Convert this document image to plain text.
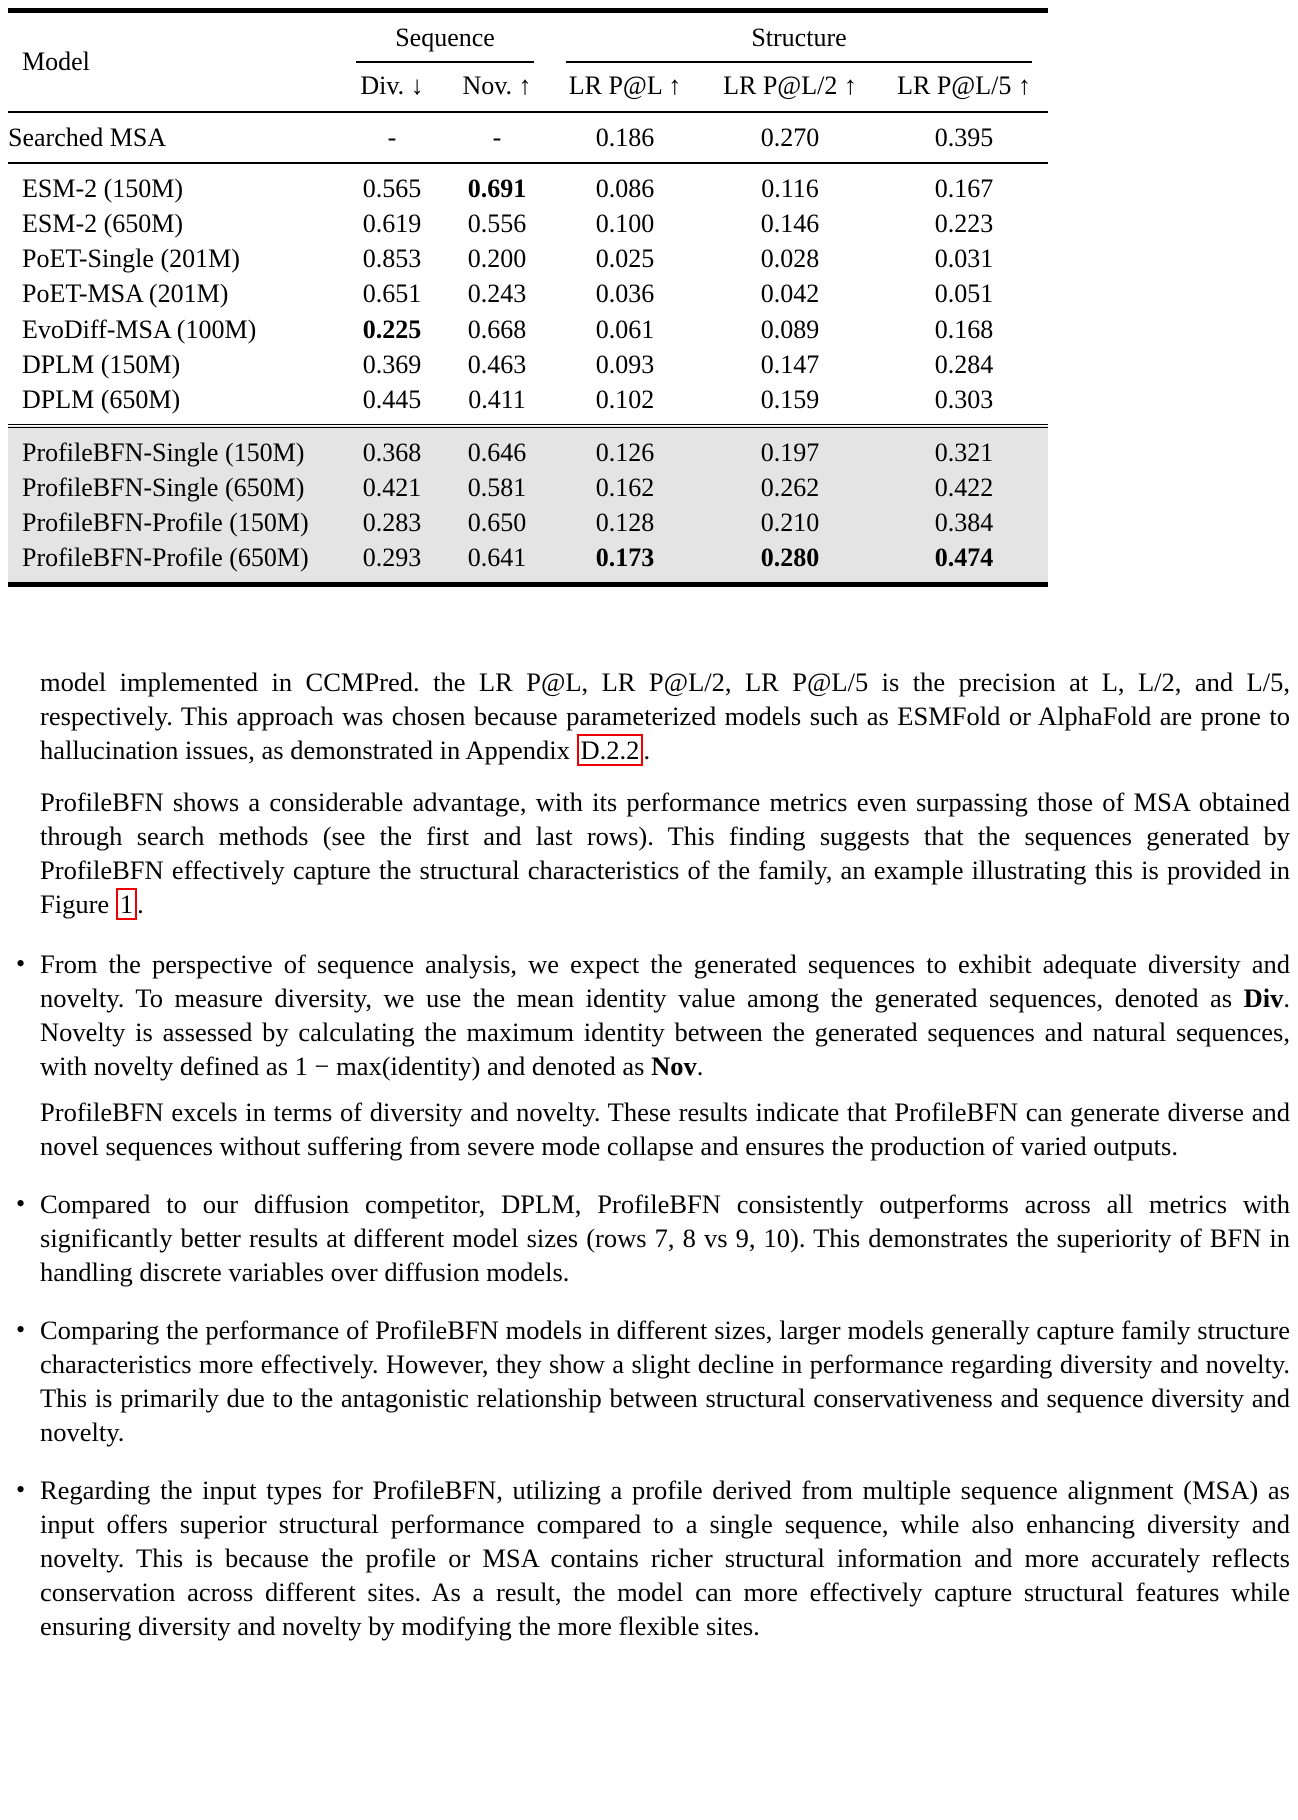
Model	Sequence		Structure		

	Div. ↓	Nov. ↑	LR P@L ↑	LR P@L/2 ↑	LR P@L/5 ↑
Searched MSA	-	-	0.186	0.270	0.395
ESM-2 (150M)	0.565	0.691	0.086	0.116	0.167
ESM-2 (650M)	0.619	0.556	0.100	0.146	0.223
PoET-Single (201M)	0.853	0.200	0.025	0.028	0.031
PoET-MSA (201M)	0.651	0.243	0.036	0.042	0.051
EvoDiff-MSA (100M)	0.225	0.668	0.061	0.089	0.168
DPLM (150M)	0.369	0.463	0.093	0.147	0.284
DPLM (650M)	0.445	0.411	0.102	0.159	0.303
ProfileBFN-Single (150M)	0.368	0.646	0.126	0.197	0.321
ProfileBFN-Single (650M)	0.421	0.581	0.162	0.262	0.422
ProfileBFN-Profile (150M)	0.283	0.650	0.128	0.210	0.384
ProfileBFN-Profile (650M)	0.293	0.641	0.173	0.280	0.474

model implemented in CCMPred. the LR P@L, LR P@L/2, LR P@L/5 is the precision at L, L/2, and L/5, respectively. This approach was chosen because parameterized models such as ESMFold or AlphaFold are prone to hallucination issues, as demonstrated in Appendix D.2.2 .

ProfileBFN shows a considerable advantage, with its performance metrics even surpassing those of MSA obtained through search methods (see the first and last rows). This finding suggests that the sequences generated by ProfileBFN effectively capture the structural characteristics of the family, an example illustrating this is provided in Figure 1 .

• From the perspective of sequence analysis, we expect the generated sequences to exhibit adequate diversity and novelty. To measure diversity, we use the mean identity value among the generated sequences, denoted as Div. Novelty is assessed by calculating the maximum identity between the generated sequences and natural sequences, with novelty defined as 1 − max(identity) and denoted as Nov.

ProfileBFN excels in terms of diversity and novelty. These results indicate that ProfileBFN can generate diverse and novel sequences without suffering from severe mode collapse and ensures the production of varied outputs.

• Compared to our diffusion competitor, DPLM, ProfileBFN consistently outperforms across all metrics with significantly better results at different model sizes (rows 7, 8 vs 9, 10). This demonstrates the superiority of BFN in handling discrete variables over diffusion models.

• Comparing the performance of ProfileBFN models in different sizes, larger models generally capture family structure characteristics more effectively. However, they show a slight decline in performance regarding diversity and novelty. This is primarily due to the antagonistic relationship between structural conservativeness and sequence diversity and novelty.

• Regarding the input types for ProfileBFN, utilizing a profile derived from multiple sequence alignment (MSA) as input offers superior structural performance compared to a single sequence, while also enhancing diversity and novelty. This is because the profile or MSA contains richer structural information and more accurately reflects conservation across different sites. As a result, the model can more effectively capture structural features while ensuring diversity and novelty by modifying the more flexible sites.
